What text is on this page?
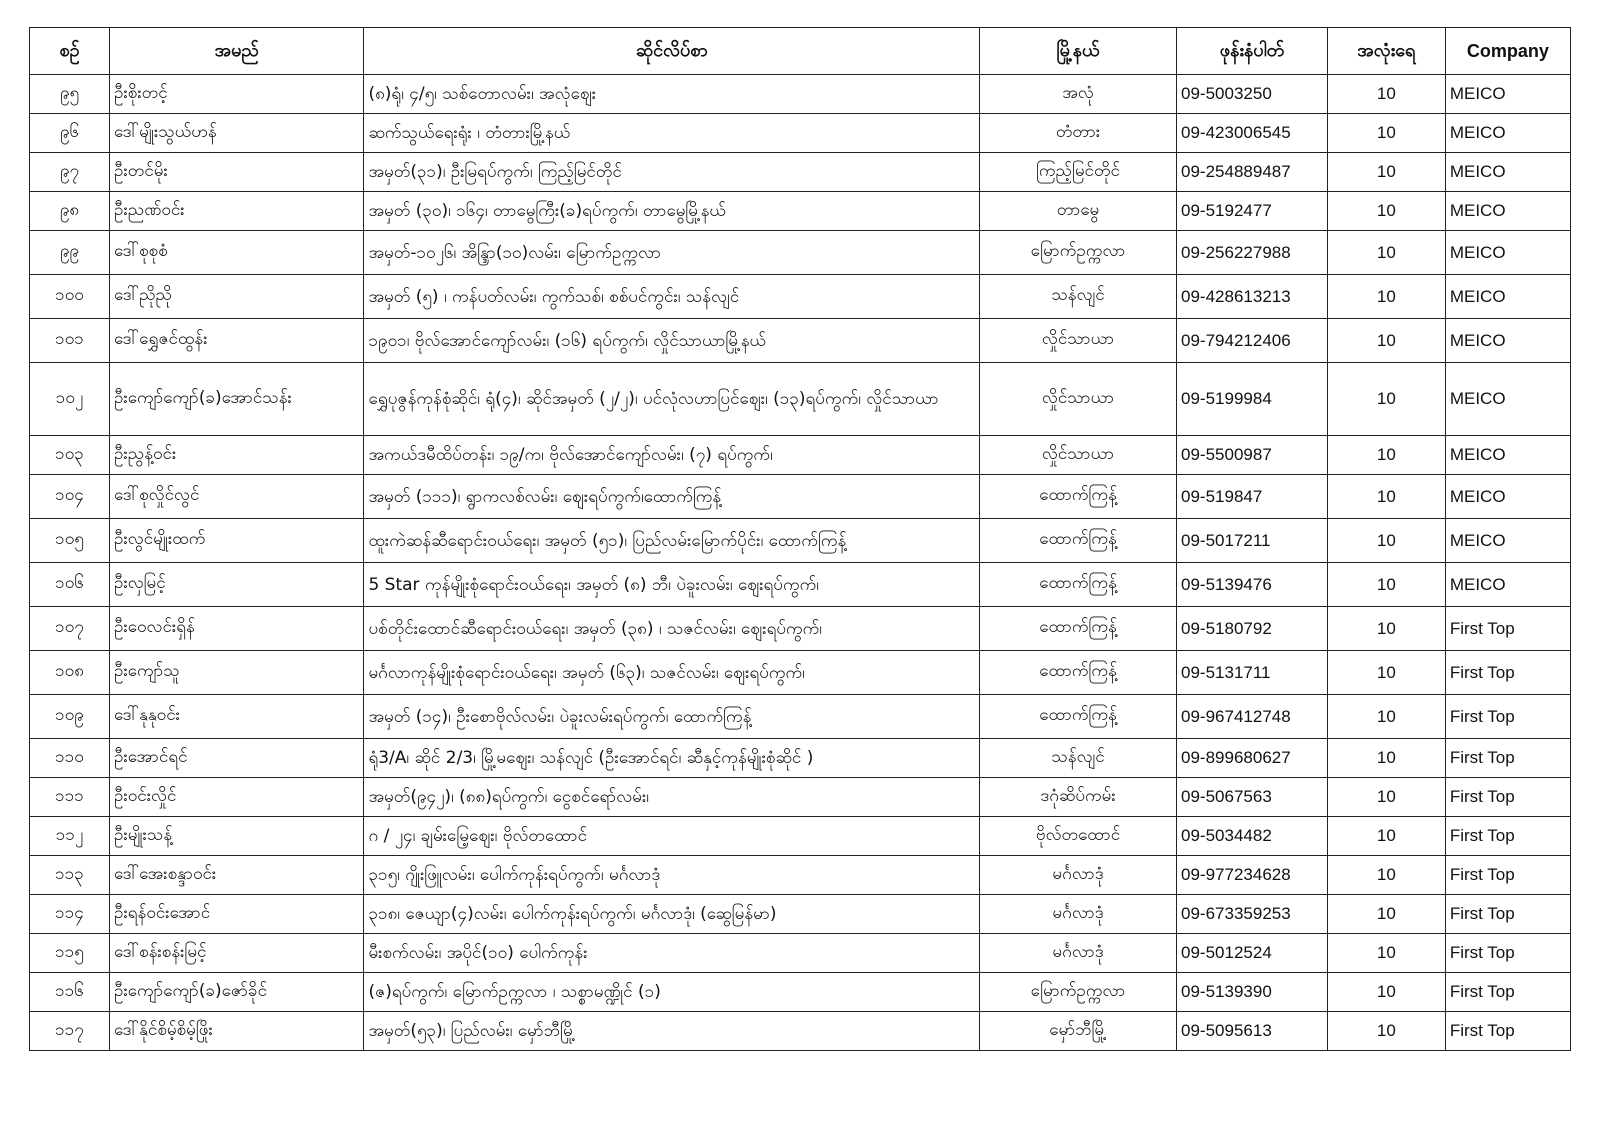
စဥ်	အမည်	ဆိုင်လိပ်စာ	မြို့နယ်	ဖုန်းနံပါတ်	အလုံးရေ	Company
၉၅	ဦးစိုးတင့်	(၈)ရုံ၊ ၄/၅၊ သစ်တောလမ်း၊ အလုံဈေး	အလုံ	09-5003250	10	MEICO
၉၆	ဒေါ်မျိုးသွယ်ဟန်	ဆက်သွယ်ရေးရုံး ၊ တံတားမြို့နယ်	တံတား	09-423006545	10	MEICO
၉၇	ဦးတင်မိုး	အမှတ်(၃၁)၊ ဦးမြရပ်ကွက်၊ ကြည့်မြင်တိုင်	ကြည့်မြင်တိုင်	09-254889487	10	MEICO
၉၈	ဦးညဏ်ဝင်း	အမှတ် (၃၀)၊ ၁၆၄၊ တာမွေကြီး(ခ)ရပ်ကွက်၊ တာမွေမြို့နယ်	တာမွေ	09-5192477	10	MEICO
၉၉	ဒေါ်စုစုစံ	အမှတ်-၁၀၂၆၊ အိန္ဒြာ(၁၀)လမ်း၊ မြောက်ဥက္ကလာ	မြောက်ဥက္ကလာ	09-256227988	10	MEICO
၁၀၀	ဒေါ်ညိုညို	အမှတ် (၅) ၊ ကန်ပတ်လမ်း၊ ကွက်သစ်၊ စစ်ပင်ကွင်း၊ သန်လျင်	သန်လျင်	09-428613213	10	MEICO
၁၀၁	ဒေါ်ရွှေဇင်ထွန်း	၁၉၀၁၊ ဗိုလ်အောင်ကျော်လမ်း၊ (၁၆) ရပ်ကွက်၊ လှိုင်သာယာမြို့နယ်	လှိုင်သာယာ	09-794212406	10	MEICO
၁၀၂	ဦးကျော်ကျော်(ခ)အောင်သန်း	ရွှေပုဇွန်ကုန်စုံဆိုင်၊ ရုံ(၄)၊ ဆိုင်အမှတ် (၂/၂)၊ ပင်လုံလဟာပြင်ဈေး၊ (၁၃)ရပ်ကွက်၊ လှိုင်သာယာ	လှိုင်သာယာ	09-5199984	10	MEICO
၁၀၃	ဦးညွန့်ဝင်း	အကယ်ဒမီထိပ်တန်း၊ ၁၉/က၊ ဗိုလ်အောင်ကျော်လမ်း၊ (၇) ရပ်ကွက်၊	လှိုင်သာယာ	09-5500987	10	MEICO
၁၀၄	ဒေါ်စုလှိုင်လွင်	အမှတ် (၁၁၁)၊ ရွာကလစ်လမ်း၊ ဈေးရပ်ကွက်၊ထောက်ကြန့်	ထောက်ကြန့်	09-519847	10	MEICO
၁၀၅	ဦးလွင်မျိုးထက်	ထူးကဲဆန်ဆီရောင်းဝယ်ရေး၊ အမှတ် (၅၁)၊ ပြည်လမ်းမြောက်ပိုင်း၊ ထောက်ကြန့်	ထောက်ကြန့်	09-5017211	10	MEICO
၁၀၆	ဦးလှမြင့်	5 Star ကုန်မျိုးစုံရောင်းဝယ်ရေး၊ အမှတ် (၈) ဘီ၊ ပဲခူးလမ်း၊ ဈေးရပ်ကွက်၊	ထောက်ကြန့်	09-5139476	10	MEICO
၁၀၇	ဦးဝေလင်းရှိန်	ပစ်တိုင်းထောင်ဆီရောင်းဝယ်ရေး၊ အမှတ် (၃၈) ၊ သဇင်လမ်း၊ ဈေးရပ်ကွက်၊	ထောက်ကြန့်	09-5180792	10	First Top
၁၀၈	ဦးကျော်သူ	မင်္ဂလာကုန်မျိုးစုံရောင်းဝယ်ရေး၊ အမှတ် (၆၃)၊ သဇင်လမ်း၊ ဈေးရပ်ကွက်၊	ထောက်ကြန့်	09-5131711	10	First Top
၁၀၉	ဒေါ်နုနုဝင်း	အမှတ် (၁၄)၊ ဦးစောဗိုလ်လမ်း၊ ပဲခူးလမ်းရပ်ကွက်၊ ထောက်ကြန့်	ထောက်ကြန့်	09-967412748	10	First Top
၁၁၀	ဦးအောင်ရင်	ရုံ3/A၊ ဆိုင် 2/3၊ မြို့မဈေး၊ သန်လျင် (ဦးအောင်ရင်၊ ဆီနှင့်ကုန်မျိုးစုံဆိုင် )	သန်လျင်	09-899680627	10	First Top
၁၁၁	ဦးဝင်းလှိုင်	အမှတ်(၉၄၂)၊ (၈၈)ရပ်ကွက်၊ ငွေစင်ရော်လမ်း၊	ဒဂုံဆိပ်ကမ်း	09-5067563	10	First Top
၁၁၂	ဦးမျိုးသန့်	ဂ / ၂၄၊ ချမ်းမြေ့ဈေး၊ ဗိုလ်တထောင်	ဗိုလ်တထောင်	09-5034482	10	First Top
၁၁၃	ဒေါ်အေးစန္ဒာဝင်း	၃၁၅၊ ဂျိုးဖြူလမ်း၊ ပေါက်ကုန်းရပ်ကွက်၊ မင်္ဂလာဒုံ	မင်္ဂလာဒုံ	09-977234628	10	First Top
၁၁၄	ဦးရန်ဝင်းအောင်	၃၁၈၊ ဇေယျာ(၄)လမ်း၊ ပေါက်ကုန်းရပ်ကွက်၊ မင်္ဂလာဒုံ၊ (ဆွေမြန်မာ)	မင်္ဂလာဒုံ	09-673359253	10	First Top
၁၁၅	ဒေါ်စန်းစန်းမြင့်	မီးစက်လမ်း၊ အပိုင်(၁၀) ပေါက်ကုန်း	မင်္ဂလာဒုံ	09-5012524	10	First Top
၁၁၆	ဦးကျော်ကျော်(ခ)ဇော်ခိုင်	(ဇ)ရပ်ကွက်၊ မြောက်ဥက္ကလာ ၊ သစ္စာမဏ္ဍိုင် (၁)	မြောက်ဥက္ကလာ	09-5139390	10	First Top
၁၁၇	ဒေါ်နိုင်စိမ့်စိမ့်ဖြိုး	အမှတ်(၅၃)၊ ပြည်လမ်း၊ မှော်ဘီမြို့	မှော်ဘီမြို့	09-5095613	10	First Top
